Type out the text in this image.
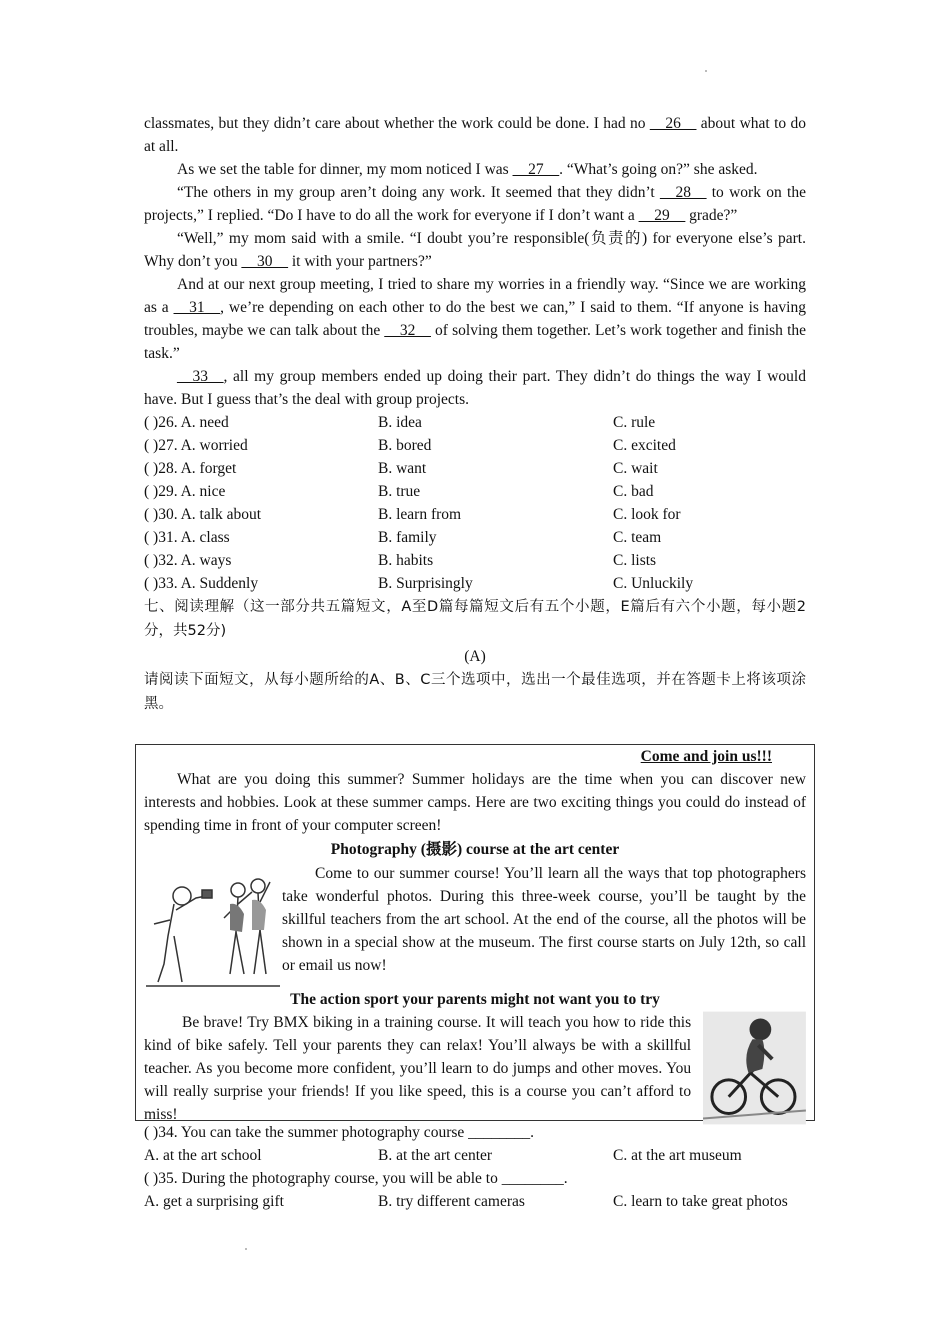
classmates, but they didn’t care about whether the work could be done. I had no __26__ about what to do at all.

As we set the table for dinner, my mom noticed I was __27__. “What’s going on?” she asked.

“The others in my group aren’t doing any work. It seemed that they didn’t __28__ to work on the projects,” I replied. “Do I have to do all the work for everyone if I don’t want a __29__ grade?”

“Well,” my mom said with a smile. “I doubt you’re responsible(负责的) for everyone else’s part. Why don’t you __30__ it with your partners?”

And at our next group meeting, I tried to share my worries in a friendly way. “Since we are working as a __31__, we’re depending on each other to do the best we can,” I said to them. “If anyone is having troubles, maybe we can talk about the __32__ of solving them together. Let’s work together and finish the task.”

__33__, all my group members ended up doing their part. They didn’t do things the way I would have. But I guess that’s the deal with group projects.

( )26. A. need	B. idea	C. rule
( )27. A. worried	B. bored	C. excited
( )28. A. forget	B. want	C. wait
( )29. A. nice	B. true	C. bad
( )30. A. talk about	B. learn from	C. look for
( )31. A. class	B. family	C. team
( )32. A. ways	B. habits	C. lists
( )33. A. Suddenly	B. Surprisingly	C. Unluckily

七、阅读理解（这一部分共五篇短文，A至D篇每篇短文后有五个小题，E篇后有六个小题，每小题2分，共52分)

(A)

请阅读下面短文，从每小题所给的A、B、C三个选项中，选出一个最佳选项，并在答题卡上将该项涂黑。

Come and join us!!!

What are you doing this summer? Summer holidays are the time when you can discover new interests and hobbies. Look at these summer camps. Here are two exciting things you could do instead of spending time in front of your computer screen!

Photography (摄影) course at the art center

Come to our summer course! You’ll learn all the ways that top photographers take wonderful photos. During this three-week course, you’ll be taught by the skillful teachers from the art school. At the end of the course, all the photos will be shown in a special show at the museum. The first course starts on July 12th, so call or email us now!

The action sport your parents might not want you to try

Be brave! Try BMX biking in a training course. It will teach you how to ride this kind of bike safely. Tell your parents they can relax! You’ll always be with a skillful teacher. As you become more confident, you’ll learn to do jumps and other moves. You will really surprise your friends! If you like speed, this is a course you can’t afford to miss!

( )34. You can take the summer photography course ________.

A. at the art school	B. at the art center	C. at the art museum

( )35. During the photography course, you will be able to ________.

A. get a surprising gift	B. try different cameras	C. learn to take great photos
